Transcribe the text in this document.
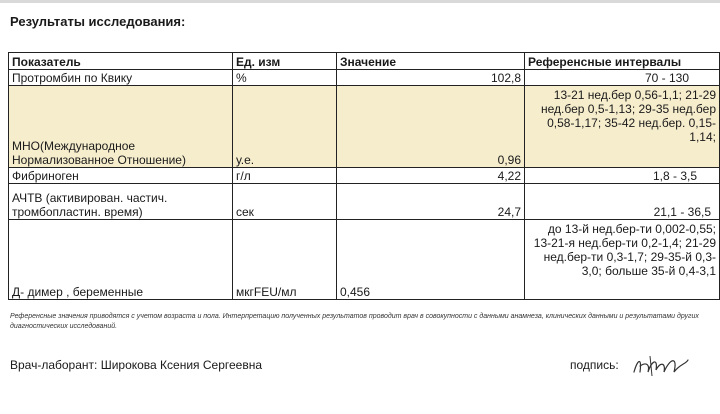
Результаты исследования:
Показатель	Ед. изм	Значение	Референсные интервалы
Протромбин по Квику	%	102,8	70 - 130
МНО(Международное Нормализованное Отношение)	у.е.	0,96	13-21 нед.бер 0,56-1,1; 21-29 нед.бер 0,5-1,13; 29-35 нед.бер 0,58-1,17; 35-42 нед.бер. 0,15-1,14;
Фибриноген	г/л	4,22	1,8 - 3,5
АЧТВ (активирован. частич. тромбопластин. время)	сек	24,7	21,1 - 36,5
Д- димер , беременные	мкгFEU/мл	0,456	до 13-й нед.бер-ти 0,002-0,55; 13-21-я нед.бер-ти 0,2-1,4; 21-29 нед.бер-ти 0,3-1,7; 29-35-й 0,3-3,0; больше 35-й 0,4-3,1
Референсные значения приводятся с учетом возраста и пола. Интерпретацию полученных результатов проводит врач в совокупности с данными анамнеза, клинических данными и результатами других диагностических исследований.
Врач-лаборант: Широкова Ксения Сергеевна	подпись:
